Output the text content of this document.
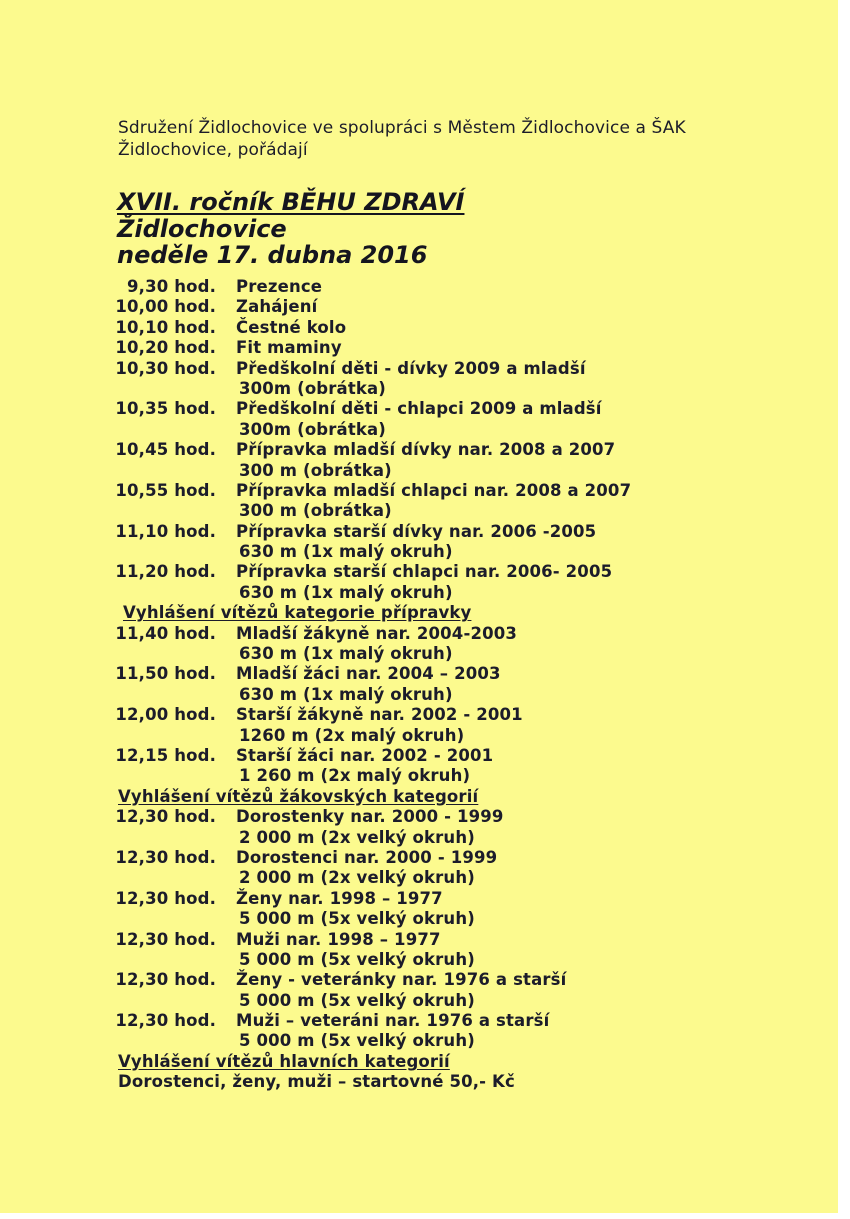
Sdružení Židlochovice ve spolupráci s Městem Židlochovice a ŠAK
Židlochovice, pořádají
XVII. ročník BĚHU ZDRAVÍ
Židlochovice
neděle 17. dubna 2016
9,30 hod. Prezence
10,00 hod. Zahájení
10,10 hod. Čestné kolo
10,20 hod. Fit maminy
10,30 hod. Předškolní děti - dívky 2009 a mladší
300m (obrátka)
10,35 hod. Předškolní děti - chlapci 2009 a mladší
300m (obrátka)
10,45 hod. Přípravka mladší dívky nar. 2008 a 2007
300 m (obrátka)
10,55 hod. Přípravka mladší chlapci nar. 2008 a 2007
300 m (obrátka)
11,10 hod. Přípravka starší dívky nar. 2006 -2005
630 m (1x malý okruh)
11,20 hod. Přípravka starší chlapci nar. 2006- 2005
630 m (1x malý okruh)
Vyhlášení vítězů kategorie přípravky
11,40 hod. Mladší žákyně nar. 2004-2003
630 m (1x malý okruh)
11,50 hod. Mladší žáci nar. 2004 – 2003
630 m (1x malý okruh)
12,00 hod. Starší žákyně nar. 2002 - 2001
1260 m (2x malý okruh)
12,15 hod. Starší žáci nar. 2002 - 2001
1 260 m (2x malý okruh)
Vyhlášení vítězů žákovských kategorií
12,30 hod. Dorostenky nar. 2000 - 1999
2 000 m (2x velký okruh)
12,30 hod. Dorostenci nar. 2000 - 1999
2 000 m (2x velký okruh)
12,30 hod. Ženy nar. 1998 – 1977
5 000 m (5x velký okruh)
12,30 hod. Muži nar. 1998 – 1977
5 000 m (5x velký okruh)
12,30 hod. Ženy - veteránky nar. 1976 a starší
5 000 m (5x velký okruh)
12,30 hod. Muži – veteráni nar. 1976 a starší
5 000 m (5x velký okruh)
Vyhlášení vítězů hlavních kategorií
Dorostenci, ženy, muži – startovné 50,- Kč
